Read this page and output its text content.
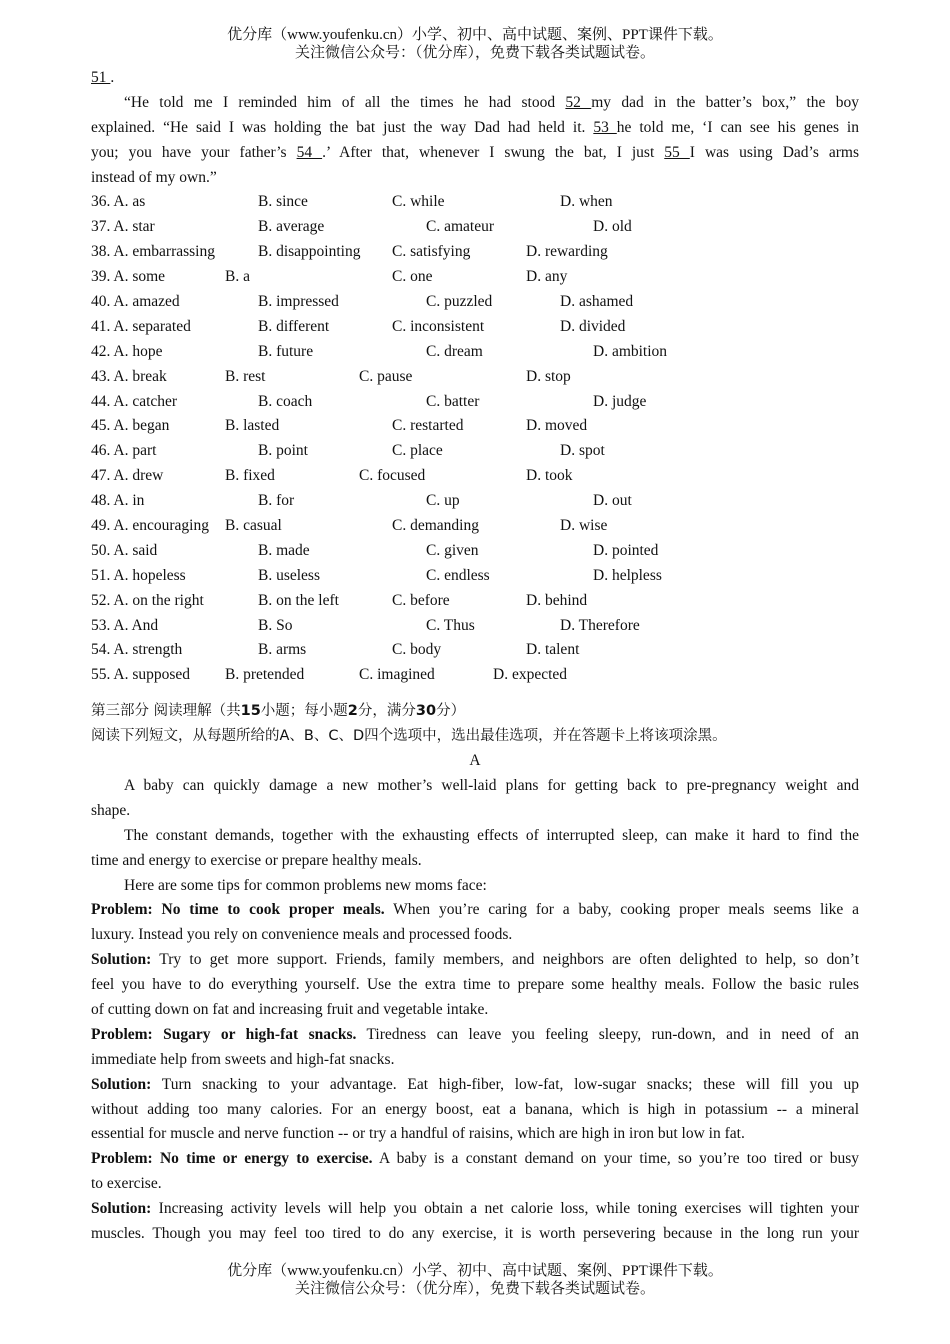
优分库（www.youfenku.cn）小学、初中、高中试题、案例、PPT课件下载。
关注微信公众号：（优分库），免费下载各类试题试卷。
51 .
“He told me I reminded him of all the times he had stood 52 my dad in the batter’s box,” the boy
explained. “He said I was holding the bat just the way Dad had held it. 53 he told me, ‘I can see his genes in
you; you have your father’s 54 .’ After that, whenever I swung the bat, I just 55 I was using Dad’s arms
instead of my own.”
36. A. as	B. since	C. while	D. when
37. A. star	B. average	C. amateur	D. old
38. A. embarrassing	B. disappointing C. satisfying	D. rewarding
39. A. some	B. a	C. one	D. any
40. A. amazed	B. impressed	C. puzzled	D. ashamed
41. A. separated	B. different	C. inconsistent	D. divided
42. A. hope	B. future	C. dream	D. ambition
43. A. break	B. rest	C. pause	D. stop
44. A. catcher	B. coach	C. batter	D. judge
45. A. began	B. lasted	C. restarted	D. moved
46. A. part	B. point	C. place	D. spot
47. A. drew	B. fixed	C. focused	D. took
48. A. in	B. for	C. up	D. out
49. A. encouraging B. casual	C. demanding	D. wise
50. A. said	B. made	C. given	D. pointed
51. A. hopeless	B. useless	C. endless	D. helpless
52. A. on the right	B. on the left	C. before	D. behind
53. A. And	B. So	C. Thus	D. Therefore
54. A. strength	B. arms	C. body	D. talent
55. A. supposed B. pretended	C. imagined	D. expected
第三部分 阅读理解（共15小题；每小题2分，满分30分）
阅读下列短文，从每题所给的A、B、C、D四个选项中，选出最佳选项，并在答题卡上将该项涂黑。
A
A baby can quickly damage a new mother’s well-laid plans for getting back to pre-pregnancy weight and
shape.
The constant demands, together with the exhausting effects of interrupted sleep, can make it hard to find the
time and energy to exercise or prepare healthy meals.
Here are some tips for common problems new moms face:
Problem: No time to cook proper meals. When you’re caring for a baby, cooking proper meals seems like a
luxury. Instead you rely on convenience meals and processed foods.
Solution: Try to get more support. Friends, family members, and neighbors are often delighted to help, so don’t
feel you have to do everything yourself. Use the extra time to prepare some healthy meals. Follow the basic rules
of cutting down on fat and increasing fruit and vegetable intake.
Problem: Sugary or high-fat snacks. Tiredness can leave you feeling sleepy, run-down, and in need of an
immediate help from sweets and high-fat snacks.
Solution: Turn snacking to your advantage. Eat high-fiber, low-fat, low-sugar snacks; these will fill you up
without adding too many calories. For an energy boost, eat a banana, which is high in potassium -- a mineral
essential for muscle and nerve function -- or try a handful of raisins, which are high in iron but low in fat.
Problem: No time or energy to exercise. A baby is a constant demand on your time, so you’re too tired or busy
to exercise.
Solution: Increasing activity levels will help you obtain a net calorie loss, while toning exercises will tighten your
muscles. Though you may feel too tired to do any exercise, it is worth persevering because in the long run your
优分库（www.youfenku.cn）小学、初中、高中试题、案例、PPT课件下载。
关注微信公众号：（优分库），免费下载各类试题试卷。
